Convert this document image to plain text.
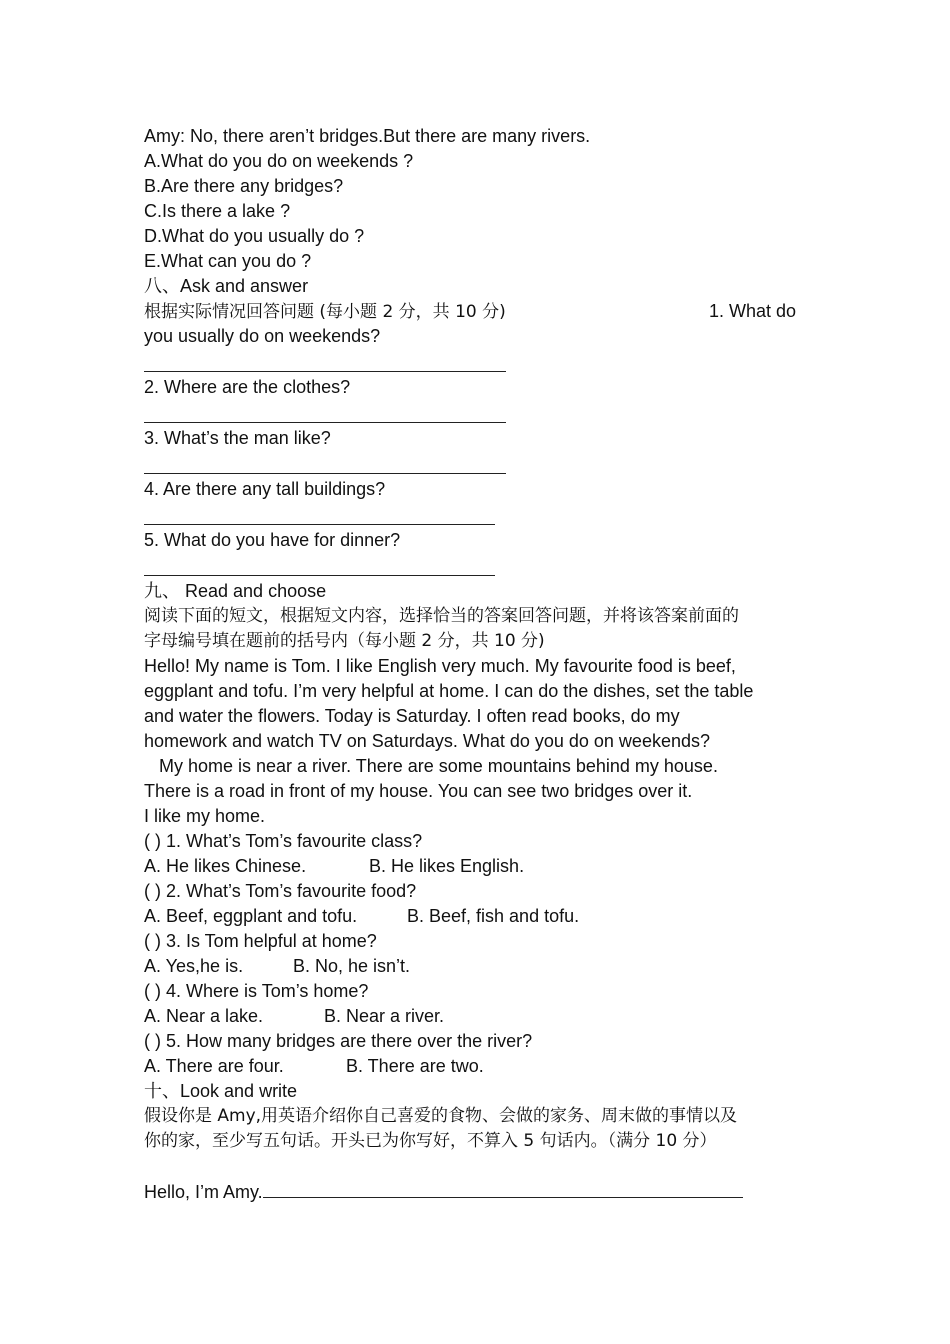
Amy: No, there aren’t bridges.But there are many rivers.
A.What do you do on weekends ?
B.Are there any bridges?
C.Is there a lake ?
D.What do you usually do ?
E.What can you do ?
八、Ask and answer
根据实际情况回答问题 (每小题 2 分，共 10 分)	1. What do
you usually do on weekends?
2. Where are the clothes?
3. What’s the man like?
4. Are there any tall buildings?
5. What do you have for dinner?
九、 Read and choose
阅读下面的短文，根据短文内容，选择恰当的答案回答问题，并将该答案前面的
字母编号填在题前的括号内（每小题 2 分，共 10 分)
Hello! My name is Tom. I like English very much. My favourite food is beef,
eggplant and tofu. I’m very helpful at home. I can do the dishes, set the table
and water the flowers. Today is Saturday. I often read books, do my
homework and watch TV on Saturdays. What do you do on weekends?
My home is near a river. There are some mountains behind my house.
There is a road in front of my house. You can see two bridges over it.
I like my home.
( ) 1. What’s Tom’s favourite class?
A. He likes Chinese.	B. He likes English.
( ) 2. What’s Tom’s favourite food?
A. Beef, eggplant and tofu.	B. Beef, fish and tofu.
( ) 3. Is Tom helpful at home?
A. Yes,he is.	B. No, he isn’t.
( ) 4. Where is Tom’s home?
A. Near a lake.	B. Near a river.
( ) 5. How many bridges are there over the river?
A. There are four.	B. There are two.
十、Look and write
假设你是 Amy,用英语介绍你自己喜爱的食物、会做的家务、周末做的事情以及
你的家，至少写五句话。开头已为你写好，不算入 5 句话内。（满分 10 分）
Hello, I’m Amy.
